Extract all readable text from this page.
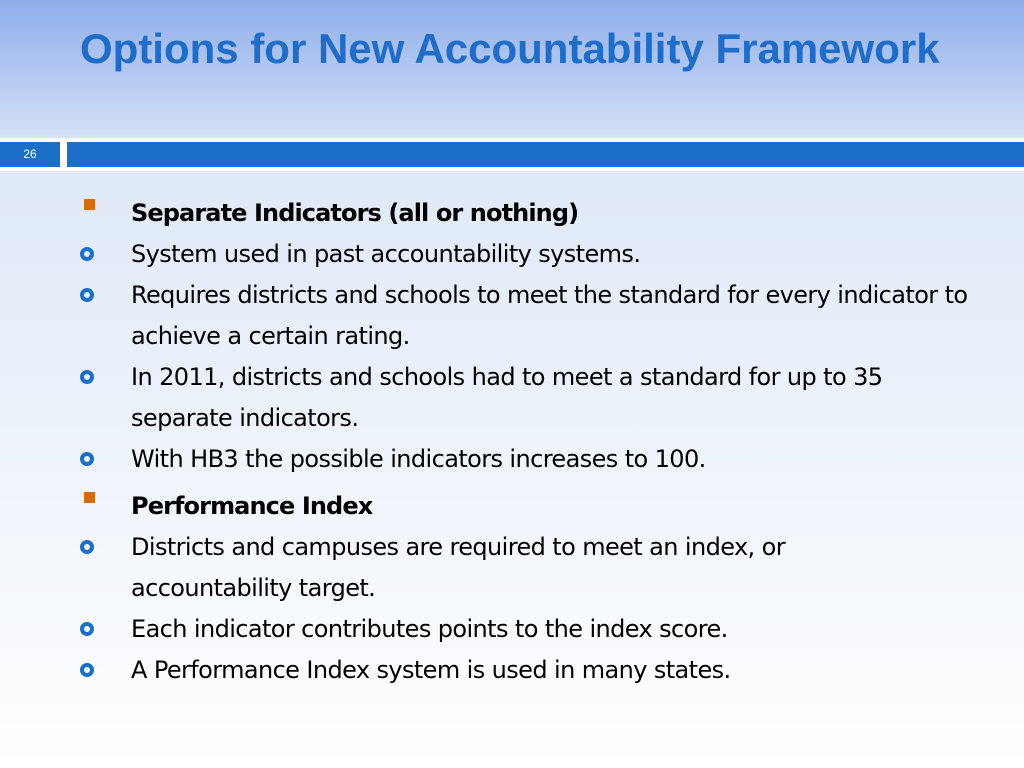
Options for New Accountability Framework
26
Separate Indicators (all or nothing)
System used in past accountability systems.
Requires districts and schools to meet the standard for every indicator to achieve a certain rating.
In 2011, districts and schools had to meet a standard for up to 35 separate indicators.
With HB3 the possible indicators increases to 100.
Performance Index
Districts and campuses are required to meet an index, or accountability target.
Each indicator contributes points to the index score.
A Performance Index system is used in many states.
